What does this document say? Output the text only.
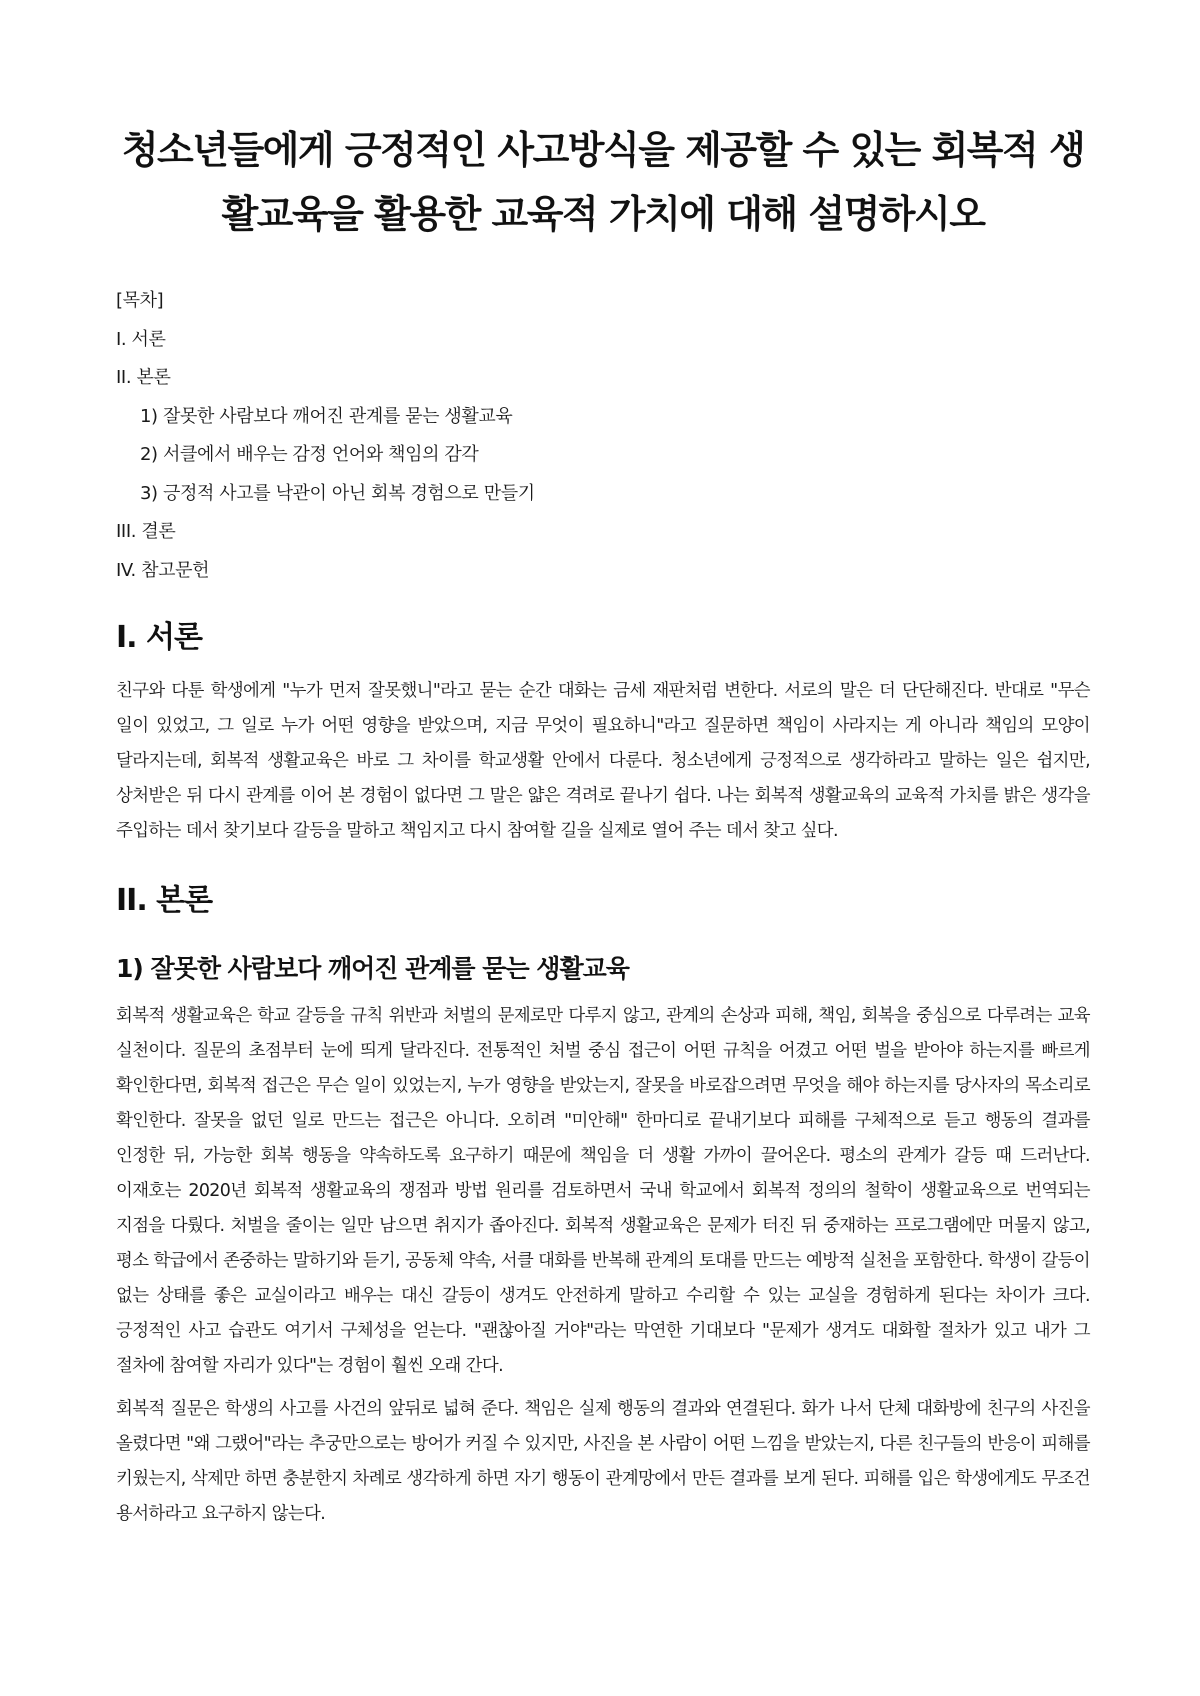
청소년들에게 긍정적인 사고방식을 제공할 수 있는 회복적 생활교육을 활용한 교육적 가치에 대해 설명하시오
[목차]
I. 서론
II. 본론
1) 잘못한 사람보다 깨어진 관계를 묻는 생활교육
2) 서클에서 배우는 감정 언어와 책임의 감각
3) 긍정적 사고를 낙관이 아닌 회복 경험으로 만들기
III. 결론
IV. 참고문헌
I. 서론

친구와 다툰 학생에게 "누가 먼저 잘못했니"라고 묻는 순간 대화는 금세 재판처럼 변한다. 서로의 말은 더 단단해진다. 반대로 "무슨 일이 있었고, 그 일로 누가 어떤 영향을 받았으며, 지금 무엇이 필요하니"라고 질문하면 책임이 사라지는 게 아니라 책임의 모양이 달라지는데, 회복적 생활교육은 바로 그 차이를 학교생활 안에서 다룬다. 청소년에게 긍정적으로 생각하라고 말하는 일은 쉽지만, 상처받은 뒤 다시 관계를 이어 본 경험이 없다면 그 말은 얇은 격려로 끝나기 쉽다. 나는 회복적 생활교육의 교육적 가치를 밝은 생각을 주입하는 데서 찾기보다 갈등을 말하고 책임지고 다시 참여할 길을 실제로 열어 주는 데서 찾고 싶다.

II. 본론
1) 잘못한 사람보다 깨어진 관계를 묻는 생활교육

회복적 생활교육은 학교 갈등을 규칙 위반과 처벌의 문제로만 다루지 않고, 관계의 손상과 피해, 책임, 회복을 중심으로 다루려는 교육 실천이다. 질문의 초점부터 눈에 띄게 달라진다. 전통적인 처벌 중심 접근이 어떤 규칙을 어겼고 어떤 벌을 받아야 하는지를 빠르게 확인한다면, 회복적 접근은 무슨 일이 있었는지, 누가 영향을 받았는지, 잘못을 바로잡으려면 무엇을 해야 하는지를 당사자의 목소리로 확인한다. 잘못을 없던 일로 만드는 접근은 아니다. 오히려 "미안해" 한마디로 끝내기보다 피해를 구체적으로 듣고 행동의 결과를 인정한 뒤, 가능한 회복 행동을 약속하도록 요구하기 때문에 책임을 더 생활 가까이 끌어온다. 평소의 관계가 갈등 때 드러난다. 이재호는 2020년 회복적 생활교육의 쟁점과 방법 원리를 검토하면서 국내 학교에서 회복적 정의의 철학이 생활교육으로 번역되는 지점을 다뤘다. 처벌을 줄이는 일만 남으면 취지가 좁아진다. 회복적 생활교육은 문제가 터진 뒤 중재하는 프로그램에만 머물지 않고, 평소 학급에서 존중하는 말하기와 듣기, 공동체 약속, 서클 대화를 반복해 관계의 토대를 만드는 예방적 실천을 포함한다. 학생이 갈등이 없는 상태를 좋은 교실이라고 배우는 대신 갈등이 생겨도 안전하게 말하고 수리할 수 있는 교실을 경험하게 된다는 차이가 크다. 긍정적인 사고 습관도 여기서 구체성을 얻는다. "괜찮아질 거야"라는 막연한 기대보다 "문제가 생겨도 대화할 절차가 있고 내가 그 절차에 참여할 자리가 있다"는 경험이 훨씬 오래 간다.

회복적 질문은 학생의 사고를 사건의 앞뒤로 넓혀 준다. 책임은 실제 행동의 결과와 연결된다. 화가 나서 단체 대화방에 친구의 사진을 올렸다면 "왜 그랬어"라는 추궁만으로는 방어가 커질 수 있지만, 사진을 본 사람이 어떤 느낌을 받았는지, 다른 친구들의 반응이 피해를 키웠는지, 삭제만 하면 충분한지 차례로 생각하게 하면 자기 행동이 관계망에서 만든 결과를 보게 된다. 피해를 입은 학생에게도 무조건 용서하라고 요구하지 않는다.
